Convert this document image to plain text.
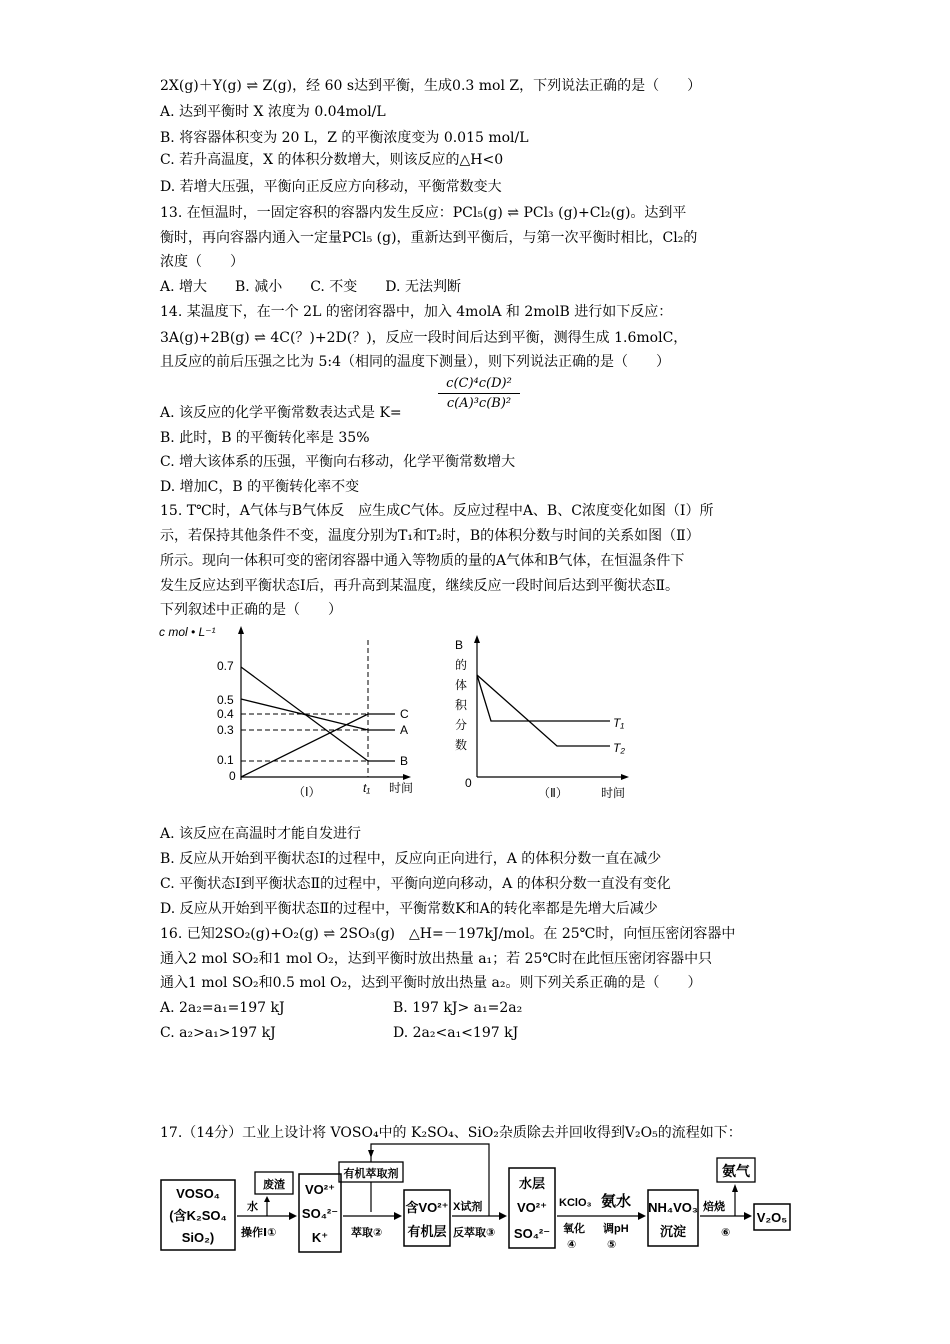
2X(g)＋Y(g) ⇌ Z(g)，经 60 s达到平衡，生成0.3 mol Z，下列说法正确的是（　　）
A. 达到平衡时 X 浓度为 0.04mol/L
B. 将容器体积变为 20 L，Z 的平衡浓度变为 0.015 mol/L
C. 若升高温度，X 的体积分数增大，则该反应的△H<0
D. 若增大压强，平衡向正反应方向移动，平衡常数变大
13. 在恒温时，一固定容积的容器内发生反应：PCl₅(g) ⇌ PCl₃ (g)+Cl₂(g)。达到平
衡时，再向容器内通入一定量PCl₅ (g)，重新达到平衡后，与第一次平衡时相比，Cl₂的
浓度（　　）
A. 增大　　B. 减小　　C. 不变　　D. 无法判断
14. 某温度下，在一个 2L 的密闭容器中，加入 4molA 和 2molB 进行如下反应：
3A(g)+2B(g) ⇌ 4C(？)+2D(？)，反应一段时间后达到平衡，测得生成 1.6molC，
且反应的前后压强之比为 5:4（相同的温度下测量），则下列说法正确的是（　　）
$\frac{\text{c(C)⁴c(D)²}}{\text{c(A)³c(B)²}}$
A. 该反应的化学平衡常数表达式是 K=
B. 此时，B 的平衡转化率是 35%
C. 增大该体系的压强，平衡向右移动，化学平衡常数增大
D. 增加C，B 的平衡转化率不变
15. T℃时，A气体与B气体反　应生成C气体。反应过程中A、B、C浓度变化如图（Ⅰ）所
示，若保持其他条件不变，温度分别为T₁和T₂时，B的体积分数与时间的关系如图（Ⅱ）
所示。现向一体积可变的密闭容器中通入等物质的量的A气体和B气体，在恒温条件下
发生反应达到平衡状态Ⅰ后，再升高到某温度，继续反应一段时间后达到平衡状态Ⅱ。
下列叙述中正确的是（　　）
c mol • L⁻¹
0.7
0.5
0.4
0.3
0.1
0
C
A
B
t₁ 时间
（Ⅰ）
B
的
体
积
分
数
0
T₁
T₂
（Ⅱ）	时间
A. 该反应在高温时才能自发进行
B. 反应从开始到平衡状态Ⅰ的过程中，反应向正向进行，A 的体积分数一直在减少
C. 平衡状态Ⅰ到平衡状态Ⅱ的过程中，平衡向逆向移动，A 的体积分数一直没有变化
D. 反应从开始到平衡状态Ⅱ的过程中，平衡常数K和A的转化率都是先增大后减少
16. 已知2SO₂(g)+O₂(g) ⇌ 2SO₃(g)　△H=－197kJ/mol。在 25℃时，向恒压密闭容器中
通入2 mol SO₂和1 mol O₂，达到平衡时放出热量 a₁；若 25℃时在此恒压密闭容器中只
通入1 mol SO₂和0.5 mol O₂，达到平衡时放出热量 a₂。则下列关系正确的是（　　）
A. 2a₂=a₁=197 kJ	B. 197 kJ> a₁=2a₂
C. a₂>a₁>197 kJ	D. 2a₂<a₁<197 kJ
17.（14分）工业上设计将 VOSO₄中的 K₂SO₄、SiO₂杂质除去并回收得到V₂O₅的流程如下：
VOSO₄
(含K₂SO₄
SiO₂)
水
操作Ⅰ①
废渣 VO²⁺
SO₄²⁻
K⁺
有机萃取剂
萃取②
含VO²⁺
有机层
X试剂
反萃取③
水层
VO²⁺
SO₄²⁻
KClO₃
氧化
④
氨水
调pH
⑤
NH₄VO₃
沉淀
焙烧
⑥
氨气
V₂O₅
